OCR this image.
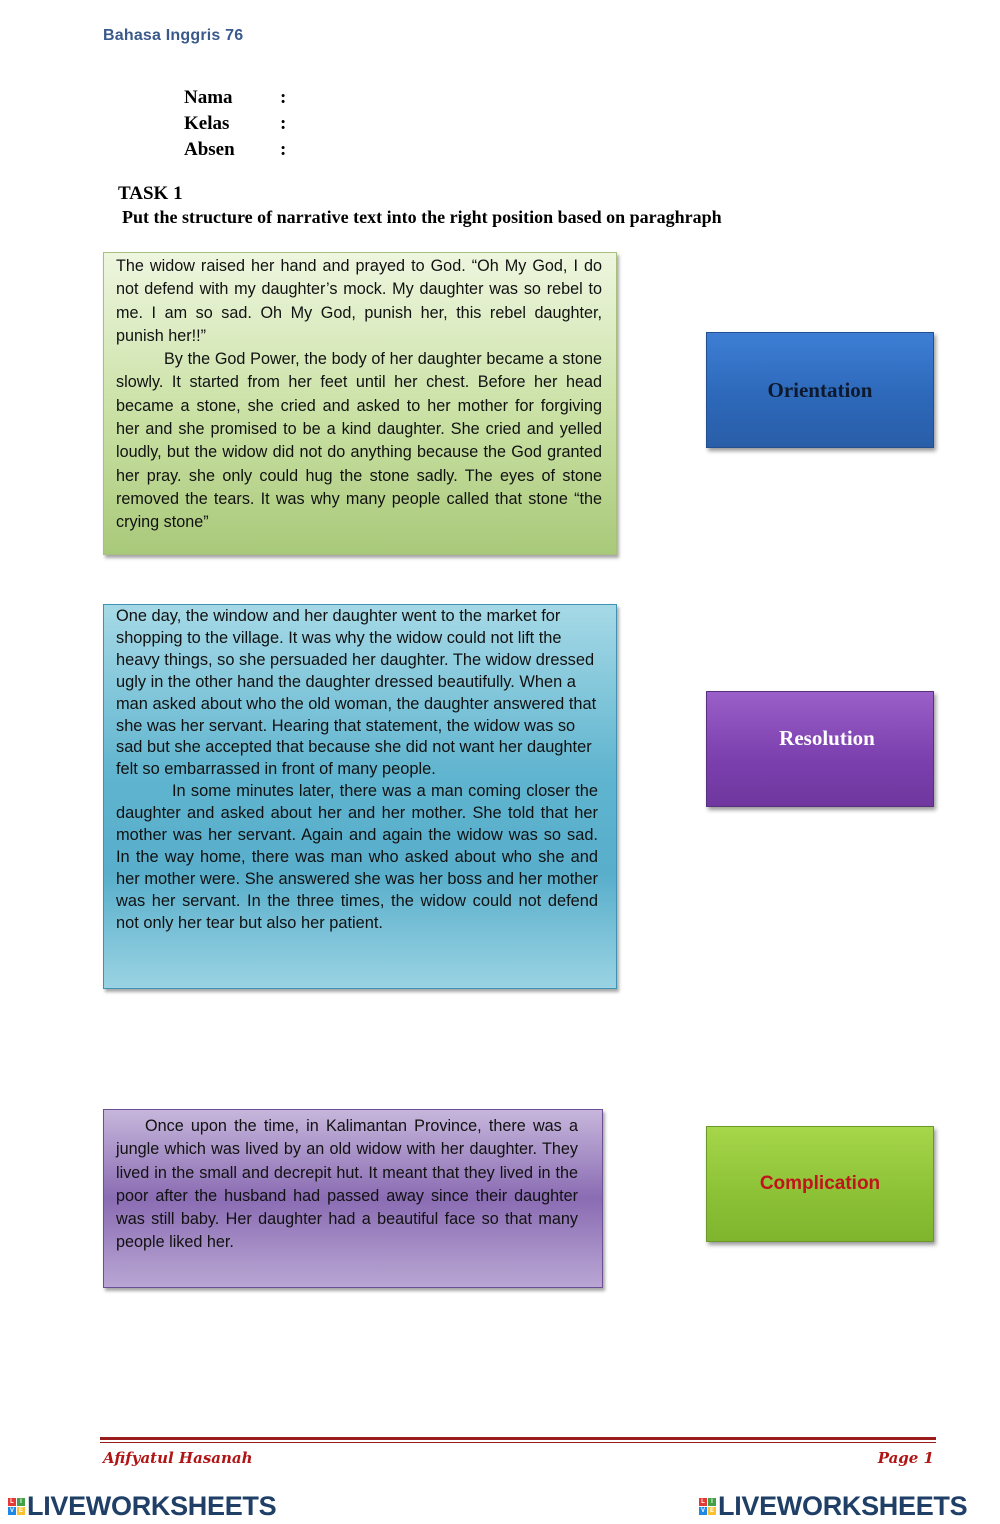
Bahasa Inggris 76
Nama :
Kelas	:
Absen :
TASK 1
Put the structure of narrative text into the right position based on paraghraph

The widow raised her hand and prayed to God. “Oh My God, I do not defend with my daughter’s mock. My daughter was so rebel to me. I am so sad. Oh My God, punish her, this rebel daughter, punish her!!”

By the God Power, the body of her daughter became a stone slowly. It started from her feet until her chest. Before her head became a stone, she cried and asked to her mother for forgiving her and she promised to be a kind daughter. She cried and yelled loudly, but the widow did not do anything because the God granted her pray. she only could hug the stone sadly. The eyes of stone removed the tears. It was why many people called that stone “the crying stone”

One day, the window and her daughter went to the market for shopping to the village. It was why the widow could not lift the heavy things, so she persuaded her daughter. The widow dressed ugly in the other hand the daughter dressed beautifully. When a man asked about who the old woman, the daughter answered that she was her servant. Hearing that statement, the widow was so sad but she accepted that because she did not want her daughter felt so embarrassed in front of many people.

In some minutes later, there was a man coming closer the daughter and asked about her and her mother. She told that her mother was her servant. Again and again the widow was so sad. In the way home, there was man who asked about who she and her mother were. She answered she was her boss and her mother was her servant. In the three times, the widow could not defend not only her tear but also her patient.

Once upon the time, in Kalimantan Province, there was a jungle which was lived by an old widow with her daughter. They lived in the small and decrepit hut. It meant that they lived in the poor after the husband had passed away since their daughter was still baby. Her daughter had a beautiful face so that many people liked her.

Orientation
Resolution
Complication
Afifyatul Hasanah	Page 1
L	I
V E LIVEWORKSHEETS	L	I
V E LIVEWORKSHEETS
